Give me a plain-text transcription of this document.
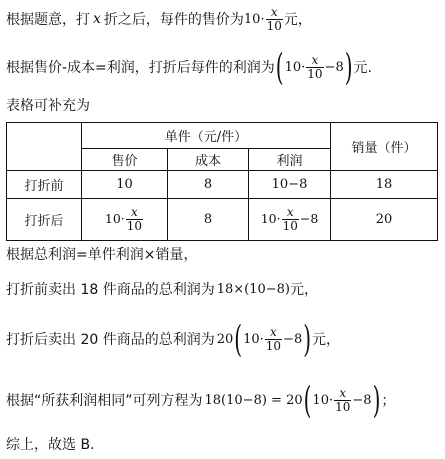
根据题意，打 x 折之后，每件的售价为 $10\cdot \frac{x}{10}$ 元，
根据售价-成本=利润，打折后每件的利润为 ( $10\cdot \frac{x}{10} -8$ ) 元.
表格可补充为
	单件（元/件）			销量（件）
	售价	成本	利润	
打折前	10	8	10−8	18
打折后	$10\cdot \frac{x}{10}$	8	$10\cdot \frac{x}{10} -8$	20
根据总利润=单件利润×销量，
打折前卖出 18 件商品的总利润为 18×(10−8) 元，
打折后卖出 20 件商品的总利润为 20 ( $10\cdot \frac{x}{10} -8$ ) 元，
根据“所获利润相同”可列方程为 18(10−8) = 20 ( $10\cdot \frac{x}{10} -8$ ) ；
综上，故选 B.
